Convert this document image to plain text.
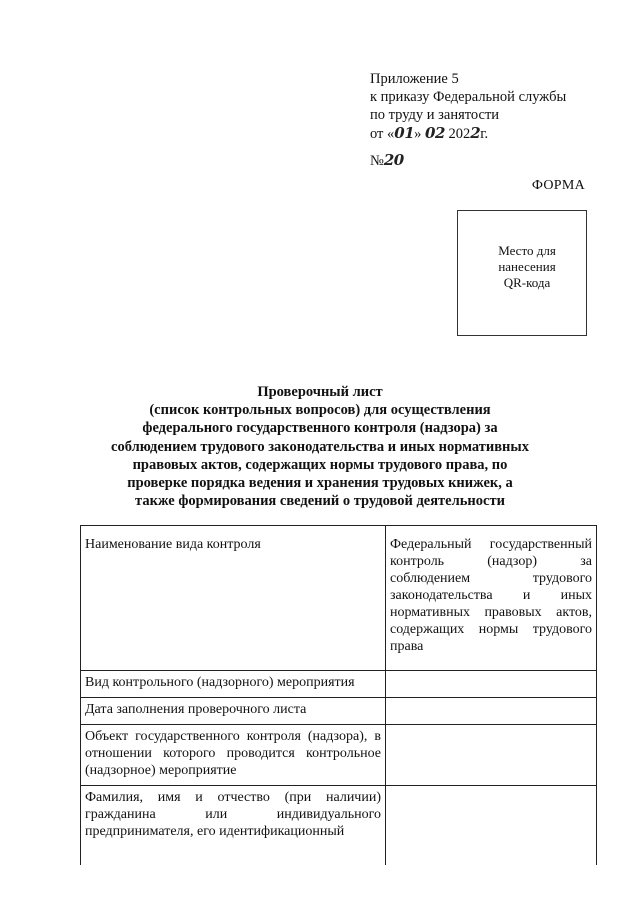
Приложение 5
к приказу Федеральной службы
по труду и занятости
от «01» 02 2022г.
№20
ФОРМА
Место для
нанесения
QR-кода
Проверочный лист
(список контрольных вопросов) для осуществления федерального государственного контроля (надзора) за соблюдением трудового законодательства и иных нормативных правовых актов, содержащих нормы трудового права, по проверке порядка ведения и хранения трудовых книжек, а также формирования сведений о трудовой деятельности
Наименование вида контроля	Федеральный государственный контроль (надзор) за соблюдением трудового законодательства и иных нормативных правовых актов, содержащих нормы трудового права
Вид контрольного (надзорного) мероприятия	
Дата заполнения проверочного листа	
Объект государственного контроля (надзора), в отношении которого проводится контрольное (надзорное) мероприятие	
Фамилия, имя и отчество (при наличии) гражданина или индивидуального предпринимателя, его идентификационный	
